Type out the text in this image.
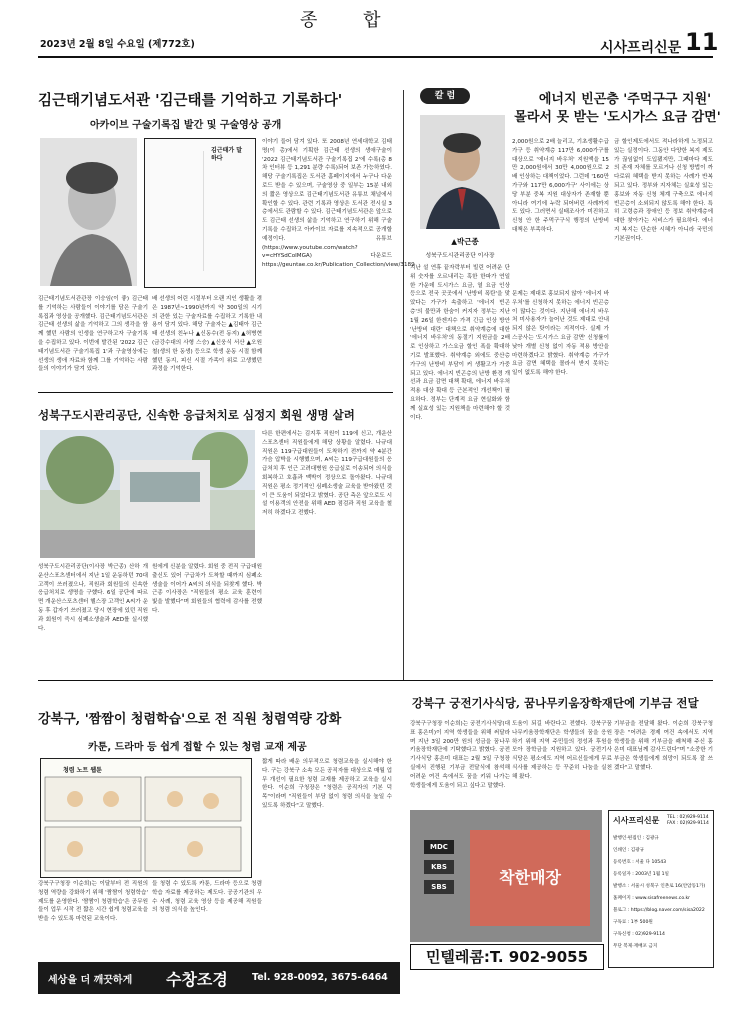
종 합
2023년 2월 8일 수요일 (제772호)	시사프리신문 11
김근태기념도서관 '김근태를 기억하고 기록하다'
아카이브 구술기록집 발간 및 구술영상 공개
김근태가 말하다
김근태기념도서관관장 이승임(이 좋) 김근태를 기억하는 사람들이 이야기를 담은 구술기록집과 영상을 공개했다. 김근태기념도서관은 김근태 선생의 삶을 기억하고 그의 생각을 함께 했던 사람의 인생을 연구하고자 구술기록을 수집하고 있다. 이번에 발간된 '2022 김근태기념도서관 구술기록집 1'과 구술영상에는 선생의 생애 자료와 함께 그를 기억하는 사람들의 이야기가 담겨 있다.
배 선생의 어린 시절부터 오랜 지인 생활을 겪은 1987년~1990년까지 약 300일의 시기의 관한 있는 구술자료를 수집하고 기록한 내용이 담겨 있다. 해당 구술자는 ▲김태아 김근태 선생의 친누나 ▲신동수(전 동지) ▲허병현(금강수대의 사형 스승) ▲신웅식 서산 ▲오원철(생의 한 동생) 등으로 학생 운동 시절 함께했던 동지, 피신 시절 가족이 위로 고생했던 과정을 기억한다.
이야기 들어 담겨 있다. 또 2008년 연세대학교 김태명(이 총)에서 기획한 김근태 선생의 생애구술이 '2022 김근태기념도서관 구술기록집 2'에 수록(총 8차 인터뷰 등 1,291 분량 수록)되어 보존 가능하였다. 해당 구술기록집은 도서관 홈페이지에서 누구나 다운로드 받을 수 있으며, 구술영상 중 일부는 15분 내외의 짧은 영상으로 김근태기념도서관 유튜브 채널에서 확인할 수 있다. 관련 기록과 영상은 도서관 전시실 3층에서도 관람할 수 있다. 김근태기념도서관은 앞으로도 김근태 선생의 삶을 기억하고 연구하기 위해 구술기록을 수집하고 아카이브 자료를 지속적으로 공개할 예정이다. 유튜브 (https://www.youtube.com/watch?v=cHYSdCoIMGA) 다운로드 https://geuntae.co.kr/Publication_Collection/view/3189
성북구도시관리공단, 신속한 응급처치로 심정지 회원 생명 살려
성북구도시관리공단(이사장 박근종) 산하 개운산스포츠센터에서 지난 1일 운동하던 70대 고객이 쓰러졌으나, 직원과 회원들의 신속한 응급처치로 생명을 구했다. 6일 공단에 따르면 개운산스포츠센터 헬스장 고객인 A씨가 운동 후 갑자기 쓰러졌고 당시 현장에 있던 직원과 회원이 즉시 심폐소생술과 AED를 실시했다.
원에게 신분을 알렸다. 회원 중 전직 구급대원 출신도 있어 구급차가 도착할 때까지 심폐소생술을 이어가 A씨의 의식을 되찾게 했다. 박근종 이사장은 "직원들의 평소 교육 훈련이 빛을 발했다"며 회원들의 협력에 감사를 전했다.
다른 한편에서는 김지후 직원이 119에 신고, 개운산스포츠센터 직원들에게 해당 상황을 알렸다. 나규대 직원은 119구급대원들이 도착하기 전까지 약 4분간 가슴 압박을 시행했으며, A씨는 119구급대원들의 응급처치 후 인근 고려대병원 응급실로 이송되어 의식을 회복하고 호흡과 맥박이 정상으로 돌아왔다. 나규대 직원은 평소 정기적인 심폐소생술 교육을 받아왔던 것이 큰 도움이 되었다고 밝혔다. 공단 측은 앞으로도 시설 이용객의 안전을 위해 AED 점검과 직원 교육을 철저히 하겠다고 전했다.
칼 럼
▲박근종
성북구도시관리공단 이사장
지난 설 연휴 끝자락부터 빌린 어려운 단위 숫자를 오르내리는 혹한 한파가 연일한 가운데 도시가스 요금, 열 요금 인상 등으로 전국 곳곳에서 '난방비 폭탄'을 맞았다는 가구가 속출하고 '에너지 빈곤층'의 불만과 한숨이 커지자 정부는 지난 1월 26일 한겐지수 가격 긴급 인상 방안 '난방비 대란' 대책으로 취약계층에 대한 '에너지 바우처'의 동절기 지원금을 2배로 인상하고 가스요금 할인 폭을 확대하기로 발표했다. 취약계층 외에도 중산층 가구의 난방비 부담이 커 생활고가 가중되고 있다. 에너지 빈곤층의 난방 환경 개선과 요금 감면 대책 확대, 에너지 바우처 적용 대상 확대 등 근본적인 개선책이 필요하다. 정부는 단계적 요금 현실화와 함께 실효성 있는 지원책을 마련해야 할 것이다.
에너지 빈곤층 '주먹구구 지원'
몰라서 못 받는 '도시가스 요금 감면'
2,000원으로 2배 늘리고, 기초생활수급가구 등 취약계층 117만 6,000가구를 대상으로 '에너지 바우처' 지원액을 15만 2,000원에서 30만 4,000원으로 2배 인상하는 대책이었다. 그런데 '160만 가구와 117만 6,000가구' 사이에는 상당 부분 중복 지원 대상자가 존재할 뿐 아니라 여기에 누락 되어버린 사례까지도 있다. 그러면서 실태조사가 미진하고 신청 안 한 주먹구구식 행정의 난방비 대책은 부족하다.
문제는 제대로 홍보되지 않아 '에너지 바우처'를 신청하지 못하는 에너지 빈곤층이 많다는 것이다. 지난해 에너지 바우처 미사용자가 늘어난 것도 제대로 안내되지 않은 탓이라는 지적이다. 실제 가스공사는 '도시가스 요금 감면' 신청률이 낮아 개별 신청 없이 자동 적용 방안을 마련하겠다고 밝혔다. 취약계층 가구가 요금 감면 혜택을 몰라서 받지 못하는 일이 없도록 해야 한다.
금 할인제도에서도 적나라하게 노정되고 있는 실정이다. 그동안 다양한 복지 제도가 끊임없이 도입됐지만, 그때마다 제도의 존재 자체를 모르거나 신청 방법이 까다로워 혜택을 받지 못하는 사례가 반복되고 있다. 정부와 지자체는 실효성 있는 홍보와 자동 신청 체계 구축으로 에너지 빈곤층이 소외되지 않도록 해야 한다. 특히 고령층과 장애인 등 정보 취약계층에 대한 찾아가는 서비스가 필요하다. 에너지 복지는 단순한 시혜가 아니라 국민의 기본권이다.
강북구, '짬짬이 청렴학습'으로 전 직원 청렴역량 강화
카툰, 드라마 등 쉽게 접할 수 있는 청렴 교재 제공
청렴 노트 웹툰
강북구구청장 이순희)는 이달부터 전 직원의 청렴 역량을 강화하기 위해 '짬짬이 청렴학습' 제도를 운영한다. '짬짬이 청렴학습'은 공무원들이 업무 시작 전 짧은 시간 쉽게 청렴교육을 받을 수 있도록 마련된 교육이다.
들 청렴 수 있도록 카툰, 드라마 등으로 청렴 학습 자료를 제공하는 제도다. 공공기관의 우수 사례, 청렴 교육 영상 등을 제공해 직원들의 청렴 의식을 높인다.
짧게 따라 배운 의무적으로 청렴교육을 실시해야 한다. 구는 강북구 소속 모든 공직자를 대상으로 매월 업무 개선이 필요한 청렴 교재를 제공하고 교육을 실시한다. 이순희 구청장은 "청렴은 공직자의 기본 덕목"이라며 "직원들이 부담 없이 청렴 의식을 높일 수 있도록 하겠다"고 말했다.
강북구 궁전기사식당, 꿈나무키움장학재단에 기부금 전달
강북구구청장 이순희)는 궁전기사식당(대표 홍은미)이 지역 학생들을 위해 써달라며 지난 3일 200만 원의 성금을 꿈나무키움장학재단에 기탁했다고 밝혔다. 궁전기사식당 홍은미 대표는 2월 3일 구청장실에서 진행된 기부금 전달식에 참석해 어려운 여건 속에서도 꿈을 키워 나가는 학생들에게 도움이 되고 싶다고 말했다.
도움이 되길 바란다고 전했다. 강북구꿈나무키움장학재단은 학생들의 꿈을 응원하기 위해 지역 주민들의 정성과 후원을 모아 장학금을 지원하고 있다. 궁전기사식당은 평소에도 지역 어르신들에게 무료 식사를 제공하는 등 꾸준히 나눔을 실천해 왔다.
기부금을 전달해 왔다. 이순희 강북구청장은 "어려운 경제 여건 속에서도 지역 학생들을 위해 기부금을 쾌척해 주신 홍은미 대표님께 감사드린다"며 "소중한 기부금은 학생들에게 희망이 되도록 잘 쓰겠다"고 말했다.
MDC
KBS
SBS	착한매장
민텔레콤:T. 902-9055
시사프리신문 TEL : 02)929-9114
FAX : 02)929-9114
발행인·편집인 : 김광규
인쇄인 : 김광규
등록번호 : 서울 다 10543
등록일자 : 2003년 1월 1일
발행소 : 서울시 성북구 인촌로 16(안암동1가)
홈페이지 : www.sisafreenews.co.kr
블로그 : https://blog.naver.com/sisa2022
구독료 : 1부 500원
구독신청 : 02)929-9114
무단 복제·재배포 금지
세상을 더 깨끗하게 수창조경	Tel. 928-0092, 3675-6464
